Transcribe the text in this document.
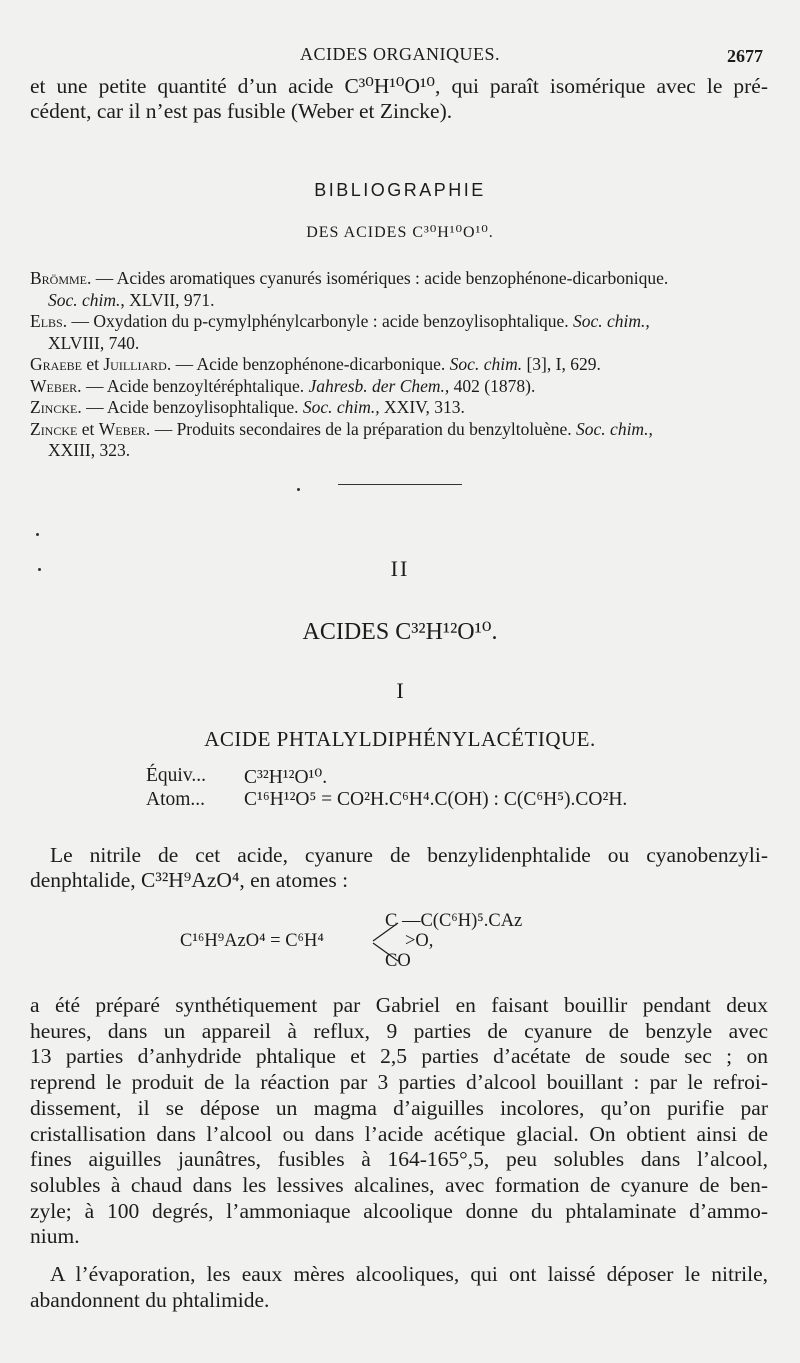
ACIDES ORGANIQUES.	2677
et une petite quantité d’un acide C³⁰H¹⁰O¹⁰, qui paraît isomérique avec le pré-
cédent, car il n’est pas fusible (Weber et Zincke).
BIBLIOGRAPHIE
DES ACIDES C³⁰H¹⁰O¹⁰.
Brömme. — Acides aromatiques cyanurés isomériques : acide benzophénone-dicarbonique.
Soc. chim., XLVII, 971.
Elbs. — Oxydation du p-cymylphénylcarbonyle : acide benzoylisophtalique. Soc. chim.,
XLVIII, 740.
Graebe et Juilliard. — Acide benzophénone-dicarbonique. Soc. chim. [3], I, 629.
Weber. — Acide benzoyltéréphtalique. Jahresb. der Chem., 402 (1878).
Zincke. — Acide benzoylisophtalique. Soc. chim., XXIV, 313.
Zincke et Weber. — Produits secondaires de la préparation du benzyltoluène. Soc. chim.,
XXIII, 323.
II
ACIDES C³²H¹²O¹⁰.
I
ACIDE PHTALYLDIPHÉNYLACÉTIQUE.
Équiv... C³²H¹²O¹⁰.
Atom... C¹⁶H¹²O⁵ = CO²H.C⁶H⁴.C(OH) : C(C⁶H⁵).CO²H.
Le nitrile de cet acide, cyanure de benzylidenphtalide ou cyanobenzyli-
denphtalide, C³²H⁹AzO⁴, en atomes :
C¹⁶H⁹AzO⁴ = C⁶H⁴
C —C(C⁶H)⁵.CAz
>O,
CO
a été préparé synthétiquement par Gabriel en faisant bouillir pendant deux
heures, dans un appareil à reflux, 9 parties de cyanure de benzyle avec
13 parties d’anhydride phtalique et 2,5 parties d’acétate de soude sec ; on
reprend le produit de la réaction par 3 parties d’alcool bouillant : par le refroi-
dissement, il se dépose un magma d’aiguilles incolores, qu’on purifie par
cristallisation dans l’alcool ou dans l’acide acétique glacial. On obtient ainsi de
fines aiguilles jaunâtres, fusibles à 164-165°,5, peu solubles dans l’alcool,
solubles à chaud dans les lessives alcalines, avec formation de cyanure de ben-
zyle; à 100 degrés, l’ammoniaque alcoolique donne du phtalaminate d’ammo-
nium.
A l’évaporation, les eaux mères alcooliques, qui ont laissé déposer le nitrile,
abandonnent du phtalimide.
